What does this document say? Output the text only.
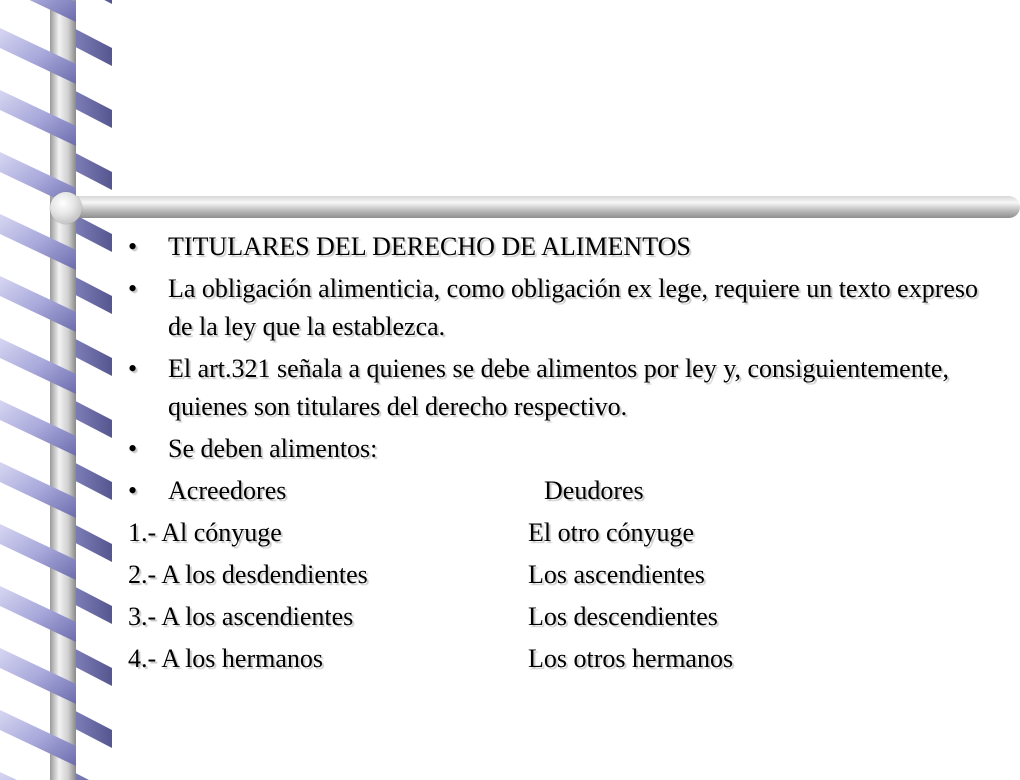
•	TITULARES DEL DERECHO DE ALIMENTOS
•	La obligación alimenticia, como obligación ex lege, requiere un texto expreso de la ley que la establezca.
•	El art.321 señala a quienes se debe alimentos por ley y, consiguientemente, quienes son titulares del derecho respectivo.
•	Se deben alimentos:
• Acreedores	Deudores
1.- Al cónyuge	El otro cónyuge
2.- A los desdendientes	Los ascendientes
3.- A los ascendientes	Los descendientes
4.- A los hermanos	Los otros hermanos
